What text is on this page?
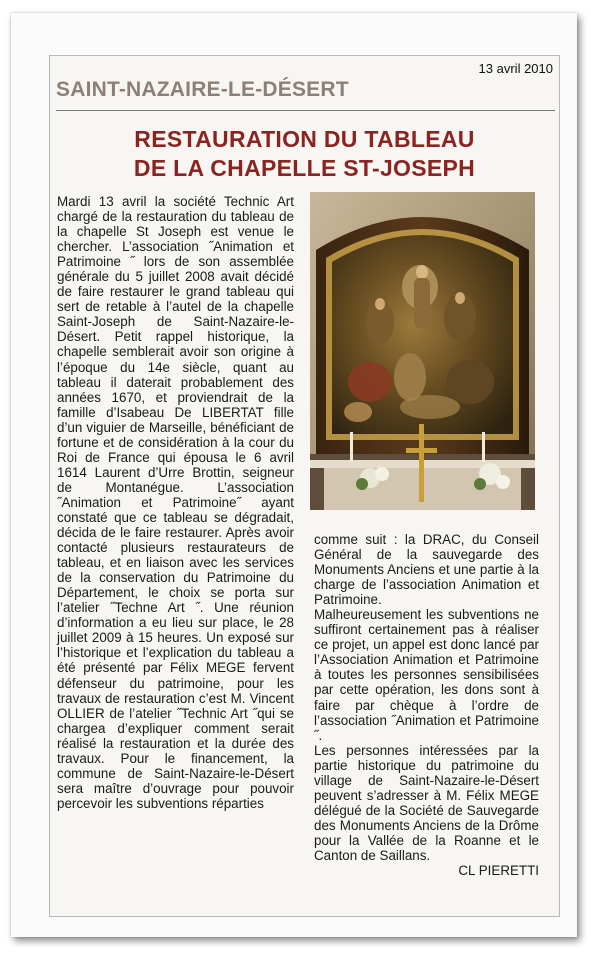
13 avril 2010
SAINT-NAZAIRE-LE-DÉSERT
RESTAURATION DU TABLEAU
DE LA CHAPELLE ST-JOSEPH
Mardi 13 avril la société Technic Art chargé de la restauration du tableau de la chapelle St Joseph est venue le chercher. L’association ˝Animation et Patrimoine ˝ lors de son assemblée générale du 5 juillet 2008 avait décidé de faire restaurer le grand tableau qui sert de retable à l’autel de la chapelle Saint-Joseph de Saint-Nazaire-le-Désert. Petit rappel historique, la chapelle semblerait avoir son origine à l’époque du 14e siècle, quant au tableau il daterait probablement des années 1670, et proviendrait de la famille d’Isabeau De LIBERTAT fille d’un viguier de Marseille, bénéficiant de fortune et de considération à la cour du Roi de France qui épousa le 6 avril 1614 Laurent d’Urre Brottin, seigneur de Montanégue. L’association ˝Animation et Patrimoine˝ ayant constaté que ce tableau se dégradait, décida de le faire restaurer. Après avoir contacté plusieurs restaurateurs de tableau, et en liaison avec les services de la conservation du Patrimoine du Département, le choix se porta sur l’atelier ˝Techne Art ˝. Une réunion d’information a eu lieu sur place, le 28 juillet 2009 à 15 heures. Un exposé sur l’historique et l’explication du tableau a été présenté par Félix MEGE fervent défenseur du patrimoine, pour les travaux de restauration c’est M. Vincent OLLIER de l’atelier ˝Technic Art ˝qui se chargea d’expliquer comment serait réalisé la restauration et la durée des travaux. Pour le financement, la commune de Saint-Nazaire-le-Désert sera maître d’ouvrage pour pouvoir percevoir les subventions réparties
comme suit : la DRAC, du Conseil Général de la sauvegarde des Monuments Anciens et une partie à la charge de l’association Animation et Patrimoine.
Malheureusement les subventions ne suffiront certainement pas à réaliser ce projet, un appel est donc lancé par l’Association Animation et Patrimoine à toutes les personnes sensibilisées par cette opération, les dons sont à faire par chèque à l’ordre de l’association ˝Animation et Patrimoine ˝.
Les personnes intéressées par la partie historique du patrimoine du village de Saint-Nazaire-le-Désert peuvent s’adresser à M. Félix MEGE délégué de la Société de Sauvegarde des Monuments Anciens de la Drôme pour la Vallée de la Roanne et le Canton de Saillans.
CL PIERETTI
